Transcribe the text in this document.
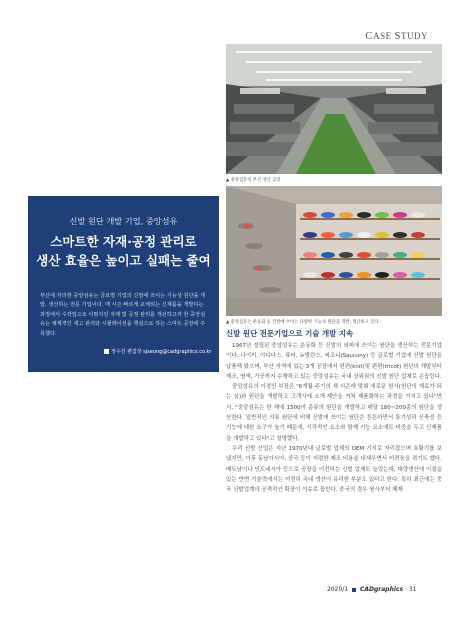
CASE STUDY
▲ 중앙섬유의 부산 생산 공장
▲ 중앙섬유는 운동화 등 신발에 쓰이는 다양한 기능성 원단을 개발, 생산하고 있다
신발 원단 개발 기업, 중앙섬유
스마트한 자재·공정 관리로
생산 효율은 높이고 실패는 줄여
부산에 자리한 중앙섬유는 글로벌 기업의 신발에 쓰이는 기능성 원단을 개발, 생산하는 전문 기업이다. 매 시즌 빠르게 교체되는 신제품을 개발하는 과정에서 수작업으로 이뤄지던 자재 및 공정 관리를 개선하고자 한 중앙섬유는 체계적인 재고 관리와 시뮬레이션을 핵심으로 하는 스마트 공장에 주목했다.
정수진 편집장 sjseong@cadgraphics.co.kr
신발 원단 전문기업으로 기술 개발 지속

1967년 설립된 중앙섬유는 운동화 등 신발의 외피에 쓰이는 원단을 생산하는 전문기업이다. 나이키, 아디다스, 퓨마, 뉴발란스, 써코니(Saucony) 등 글로벌 기업에 신발 원단을 납품해 왔으며, 부산 지역에 있는 3개 공장에서 편편(knit)및 편편(tricot) 원단의 개발부터 제조, 염색, 가공까지 수행하고 있는 중앙섬유는 국내 상위권의 신발 원단 업체로 손꼽힌다.

중앙섬유의 이정민 부장은 "6개월 주기의 새 시즌에 맞춰 새로운 원사(원단의 재료가 되는 실)와 원단을 개발하고 고객사에 소개·제안을 거쳐 제품화하는 과정을 거치고 있다"면서, "중앙섬유는 한 해에 1500여 종류의 원단을 개발하고 매달 180~200종의 원단을 생산한다. 일반적인 의류 원단에 비해 신발에 쓰이는 원단은 튼튼하면서 통기성과 신축성 등 기능에 대한 요구가 높기 때문에, 시각적인 요소와 함께 기능 요소에도 비중을 두고 신제품을 개발하고 있다"고 설명했다.

우리 신발 산업은 지난 1970년대 글로벌 업체의 OEM 기지로 자리잡으며 호황기를 보냈지만, 이후 동남아시아, 중국 등이 저렴한 제조 비용을 내세우면서 어려움을 겪기도 했다. 베트남이나 인도네시아 등으로 공장을 이전하는 신발 업체도 늘었는데, 대량생산에 이점을 있는 반면 기술력에서는 여전히 국내 생산이 유리한 부분도 있다고 한다. 특히 최근에는 중국 신발업계의 공격적인 확장이 이슈로 꼽힌다. 중국의 경우 원사부터 제제

2020/1 CADgraphics · 31
